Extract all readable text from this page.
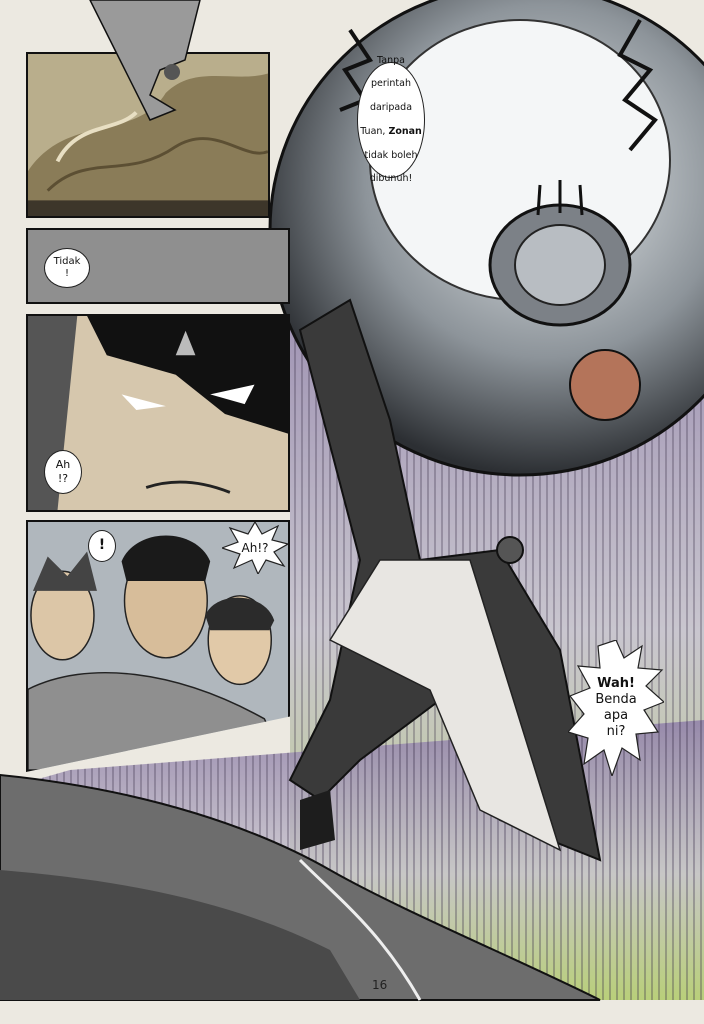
Tanpa

perintah

daripada

Tuan, Zonan

tidak boleh

dibunuh!

Tidak
!
Ah
!?
!	Ah!?
Wah!
Benda
apa
ni?
16
